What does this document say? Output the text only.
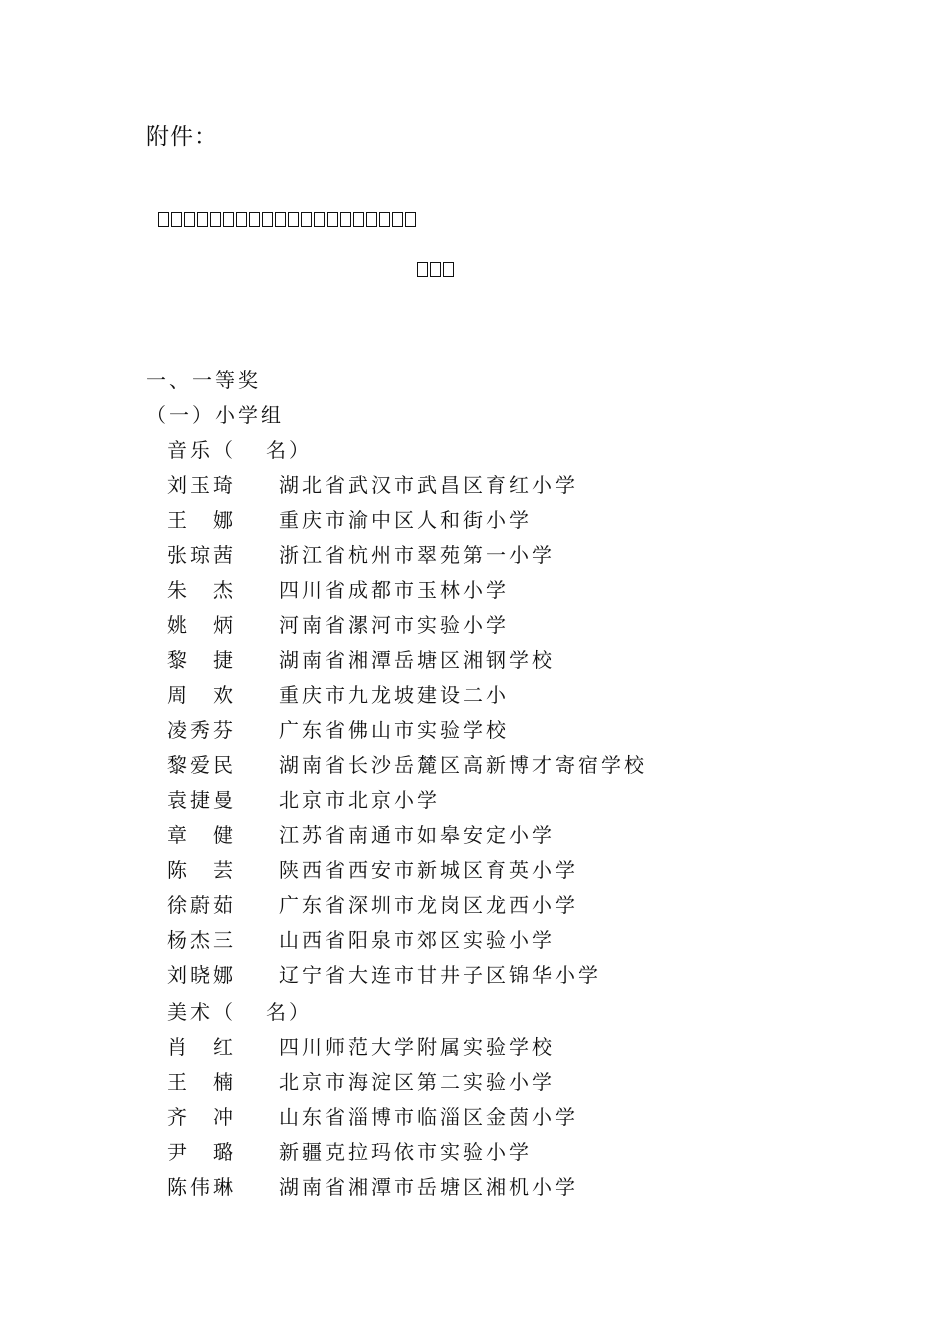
附件：
一、一等奖
（一）小学组
音乐（ 名）
刘玉琦 湖北省武汉市武昌区育红小学
王　娜 重庆市渝中区人和街小学
张琼茜 浙江省杭州市翠苑第一小学
朱　杰 四川省成都市玉林小学
姚　炳 河南省漯河市实验小学
黎　捷 湖南省湘潭岳塘区湘钢学校
周　欢 重庆市九龙坡建设二小
凌秀芬 广东省佛山市实验学校
黎爱民 湖南省长沙岳麓区高新博才寄宿学校
袁捷曼 北京市北京小学
章　健 江苏省南通市如皋安定小学
陈　芸 陕西省西安市新城区育英小学
徐蔚茹 广东省深圳市龙岗区龙西小学
杨杰三 山西省阳泉市郊区实验小学
刘晓娜 辽宁省大连市甘井子区锦华小学
美术（ 名）
肖　红 四川师范大学附属实验学校
王　楠 北京市海淀区第二实验小学
齐　冲 山东省淄博市临淄区金茵小学
尹　璐 新疆克拉玛依市实验小学
陈伟琳 湖南省湘潭市岳塘区湘机小学
